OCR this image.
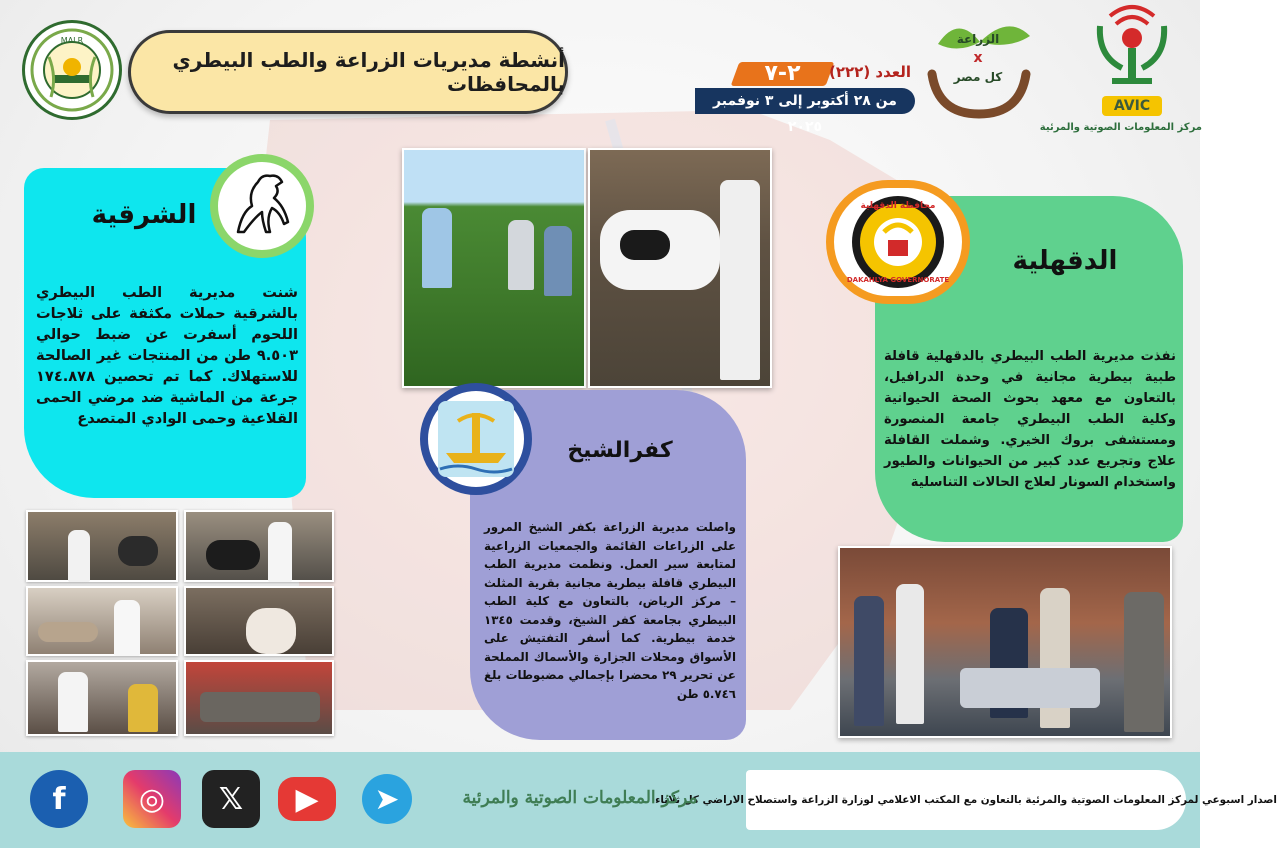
MALR
أنشطة مديريات الزراعة والطب البيطري بالمحافظات	٢-٧	العدد (٢٢٢)
من ٢٨ أكتوبر إلى ٣ نوفمبر ٢٠٢٥
الزراعة
x
كل مصر
AVIC
مركز المعلومات الصوتية والمرئية
الشرقية
شنت مديرية الطب البيطري بالشرقية حملات مكثفة على ثلاجات اللحوم أسفرت عن ضبط حوالي ٩.٥٠٣ طن من المنتجات غير الصالحة للاستهلاك. كما تم تحصين ١٧٤.٨٧٨ جرعة من الماشية ضد مرضي الحمى القلاعية وحمى الوادي المتصدع
محافظة الدقهلية
DAKAHLYA GOVERNORATE
الدقهلية
نفذت مديرية الطب البيطري بالدقهلية قافلة طبية بيطرية مجانية في وحدة الدرافيل، بالتعاون مع معهد بحوث الصحة الحيوانية وكلية الطب البيطري جامعة المنصورة ومستشفى بروك الخيري. وشملت القافلة علاج وتجريع عدد كبير من الحيوانات والطيور واستخدام السونار لعلاج الحالات التناسلية
كفرالشيخ
واصلت مديرية الزراعة بكفر الشيخ المرور على الزراعات القائمة والجمعيات الزراعية لمتابعة سير العمل. ونظمت مديرية الطب البيطري قافلة بيطرية مجانية بقرية المثلث – مركز الرياض، بالتعاون مع كلية الطب البيطري بجامعة كفر الشيخ، وقدمت ١٣٤٥ خدمة بيطرية. كما أسفر التفتيش على الأسواق ومحلات الجزارة والأسماك المملحة عن تحرير ٢٩ محضرا بإجمالي مضبوطات بلغ ٥.٧٤٦ طن
اصدار اسبوعي لمركز المعلومات الصوتية والمرئية بالتعاون مع المكتب الاعلامي لوزارة الزراعة واستصلاح الاراضي كل ثلاثاء
مركز المعلومات الصوتية والمرئية
f	◎	𝕏	▶	➤
